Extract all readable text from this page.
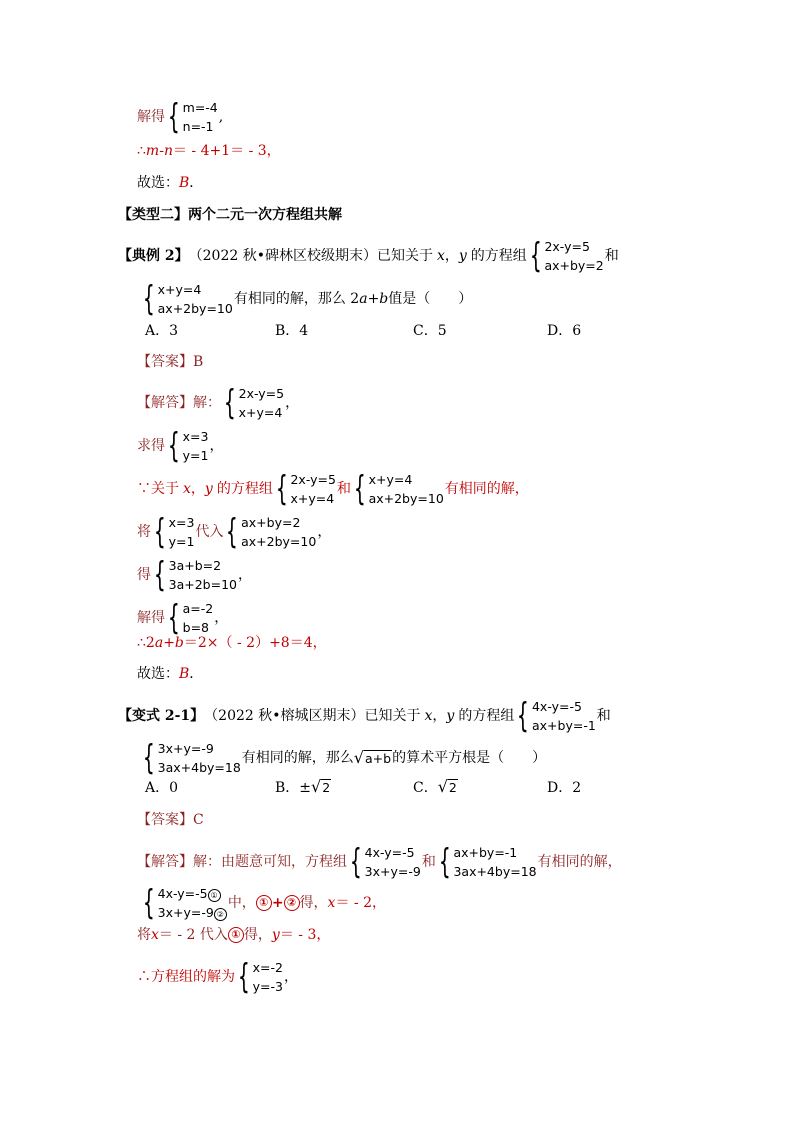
解得 { m=-4
n=-1
,
∴ m - n ＝ - 4+1＝ - 3，
故选： B ．
【类型二】两个二元一次方程组共解
【典例 2】 （2022 秋•碑林区校级期末）已知关于 x ， y 的方程组 { 2x-y=5
ax+by=2
和
{ x+y=4
ax+2by=10
有相同的解，那么 2 a + b 值是（　　）
A．3	B．4	C．5	D．6
【答案】 B
【解答】 解： { 2x-y=5
x+y=4
，
求得 { x=3
y=1
，
∵关于 x ， y 的方程组 { 2x-y=5
x+y=4
和 { x+y=4
ax+2by=10
有相同的解，
将 { x=3
y=1
代入 { ax+by=2
ax+2by=10
，
得 { 3a+b=2
3a+2b=10
，
解得 { a=-2
b=8
，
∴2 a + b ＝2×（ - 2）+8＝4，
故选： B ．
【变式 2-1】 （2022 秋•榕城区期末）已知关于 x ， y 的方程组 { 4x-y=-5
ax+by=-1
和
{ 3x+y=-9
3ax+4by=18
有相同的解，那么 √ a+b 的算术平方根是（　　）
A．0	B．± √ 2	C． √ 2	D．2
【答案】 C
【解答】 解：由题意可知，方程组 { 4x-y=-5
3x+y=-9
和 { ax+by=-1
3ax+4by=18
有相同的解，
{ 4x-y=-5 ①
3x+y=-9 ②
中， ① + ② 得， x ＝ - 2，
将 x ＝ - 2 代入 ① 得， y ＝ - 3，
∴方程组的解为 { x=-2
y=-3
，
